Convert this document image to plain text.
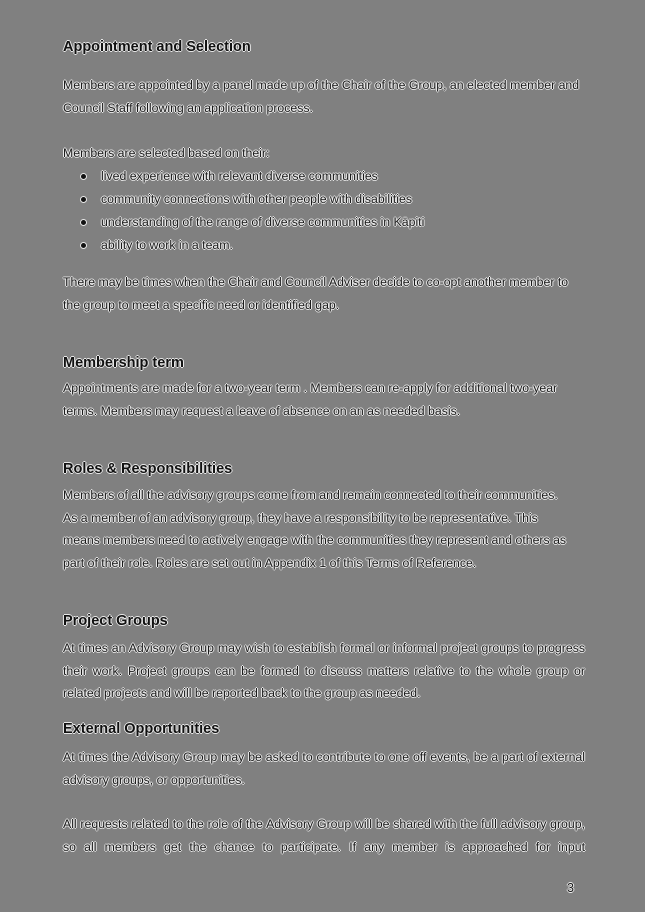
Appointment and Selection

Members are appointed by a panel made up of the Chair of the Group, an elected member and Council Staff following an application process.

Members are selected based on their:

lived experience with relevant diverse communities
community connections with other people with disabilities
understanding of the range of diverse communities in Kāpiti
ability to work in a team.

There may be times when the Chair and Council Adviser decide to co-opt another member to the group to meet a specific need or identified gap.

Membership term

Appointments are made for a two-year term . Members can re-apply for additional two-year terms. Members may request a leave of absence on an as needed basis.

Roles & Responsibilities

Members of all the advisory groups come from and remain connected to their communities. As a member of an advisory group, they have a responsibility to be representative. This means members need to actively engage with the communities they represent and others as part of their role. Roles are set out in Appendix 1 of this Terms of Reference.

Project Groups

At times an Advisory Group may wish to establish formal or informal project groups to progress their work. Project groups can be formed to discuss matters relative to the whole group or related projects and will be reported back to the group as needed.

External Opportunities

At times the Advisory Group may be asked to contribute to one off events, be a part of external advisory groups, or opportunities.

All requests related to the role of the Advisory Group will be shared with the full advisory group, so all members get the chance to participate. If any member is approached for input

3
